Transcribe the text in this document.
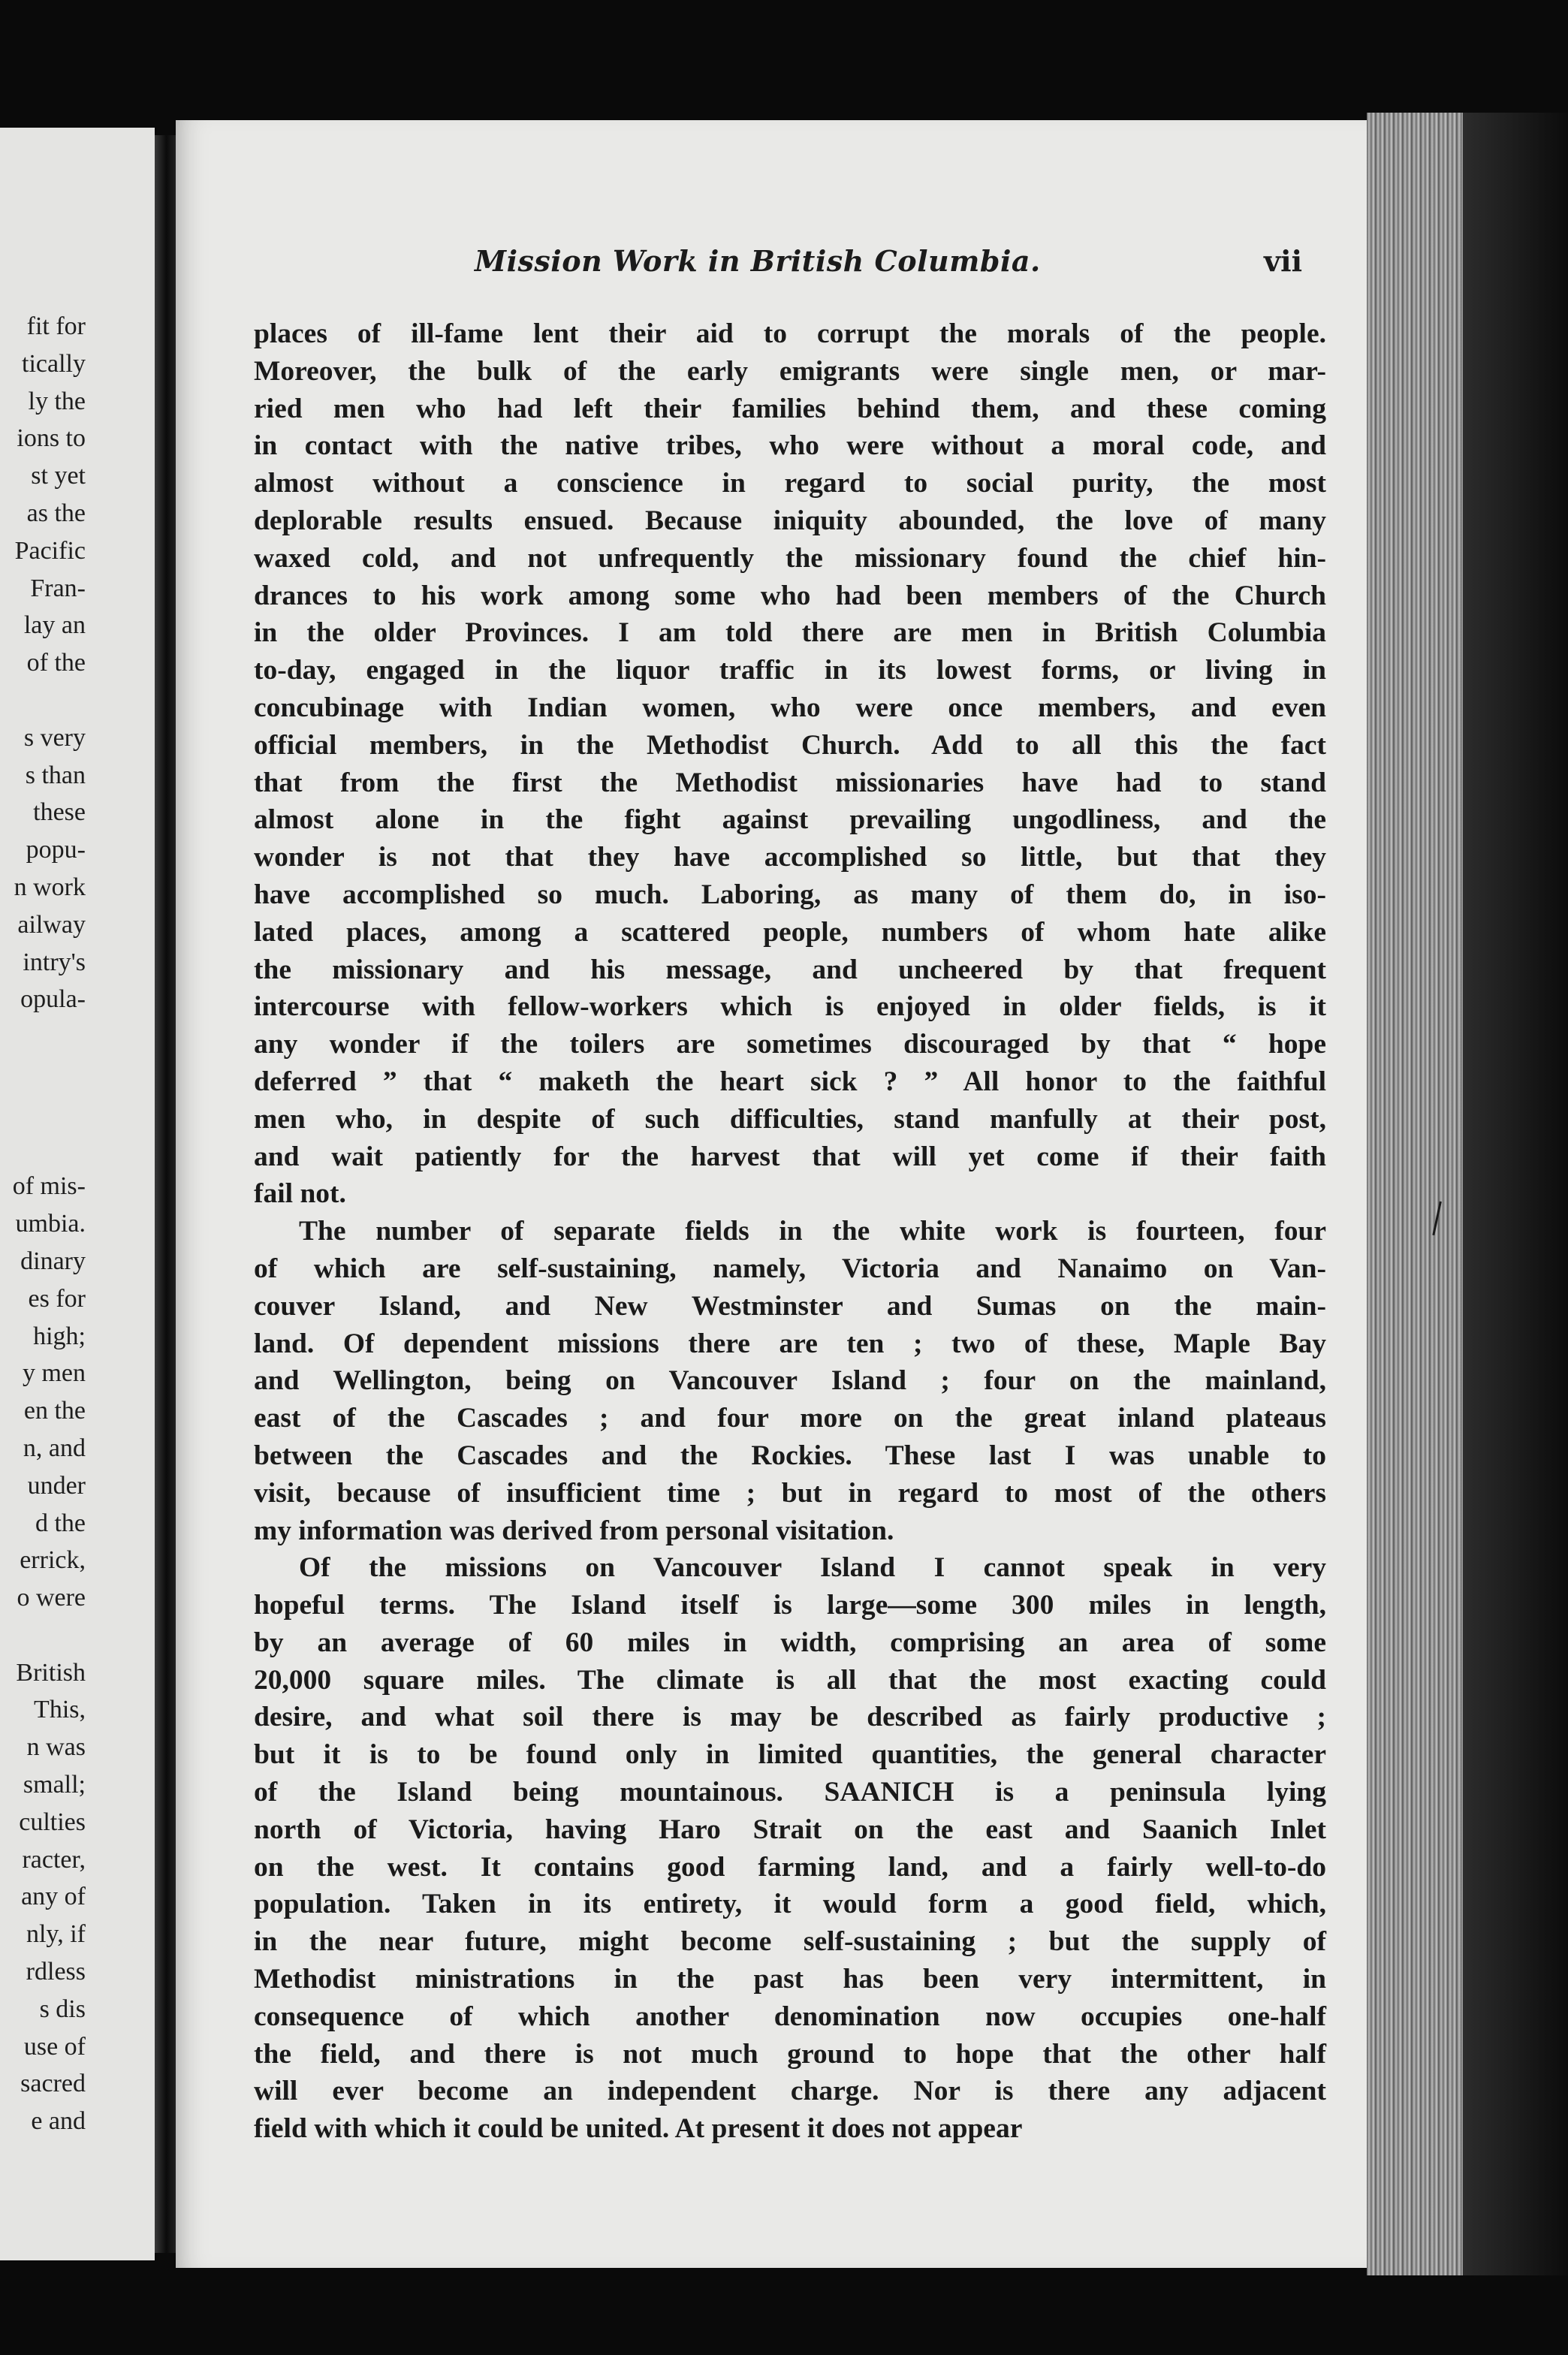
fit for
tically
ly the
ions to
st yet
as the
Pacific
Fran-
lay an
of the
s very
s than
these
popu-
n work
ailway
intry's
opula-
of mis-
umbia.
dinary
es for
high;
y men
en the
n, and
under
d the
errick,
o were
British
This,
n was
small;
culties
racter,
any of
nly, if
rdless
s dis
use of
sacred
e and
Mission Work in British Columbia.	vii
places of ill-fame lent their aid to corrupt the morals of the people.
Moreover, the bulk of the early emigrants were single men, or mar-
ried men who had left their families behind them, and these coming
in contact with the native tribes, who were without a moral code, and
almost without a conscience in regard to social purity, the most
deplorable results ensued. Because iniquity abounded, the love of many
waxed cold, and not unfrequently the missionary found the chief hin-
drances to his work among some who had been members of the Church
in the older Provinces. I am told there are men in British Columbia
to-day, engaged in the liquor traffic in its lowest forms, or living in
concubinage with Indian women, who were once members, and even
official members, in the Methodist Church. Add to all this the fact
that from the first the Methodist missionaries have had to stand
almost alone in the fight against prevailing ungodliness, and the
wonder is not that they have accomplished so little, but that they
have accomplished so much. Laboring, as many of them do, in iso-
lated places, among a scattered people, numbers of whom hate alike
the missionary and his message, and uncheered by that frequent
intercourse with fellow-workers which is enjoyed in older fields, is it
any wonder if the toilers are sometimes discouraged by that “ hope
deferred ” that “ maketh the heart sick ? ” All honor to the faithful
men who, in despite of such difficulties, stand manfully at their post,
and wait patiently for the harvest that will yet come if their faith
fail not.
The number of separate fields in the white work is fourteen, four
of which are self-sustaining, namely, Victoria and Nanaimo on Van-
couver Island, and New Westminster and Sumas on the main-
land. Of dependent missions there are ten ; two of these, Maple Bay
and Wellington, being on Vancouver Island ; four on the mainland,
east of the Cascades ; and four more on the great inland plateaus
between the Cascades and the Rockies. These last I was unable to
visit, because of insufficient time ; but in regard to most of the others
my information was derived from personal visitation.
Of the missions on Vancouver Island I cannot speak in very
hopeful terms. The Island itself is large—some 300 miles in length,
by an average of 60 miles in width, comprising an area of some
20,000 square miles. The climate is all that the most exacting could
desire, and what soil there is may be described as fairly productive ;
but it is to be found only in limited quantities, the general character
of the Island being mountainous. SAANICH is a peninsula lying
north of Victoria, having Haro Strait on the east and Saanich Inlet
on the west. It contains good farming land, and a fairly well-to-do
population. Taken in its entirety, it would form a good field, which,
in the near future, might become self-sustaining ; but the supply of
Methodist ministrations in the past has been very intermittent, in
consequence of which another denomination now occupies one-half
the field, and there is not much ground to hope that the other half
will ever become an independent charge. Nor is there any adjacent
field with which it could be united. At present it does not appear
